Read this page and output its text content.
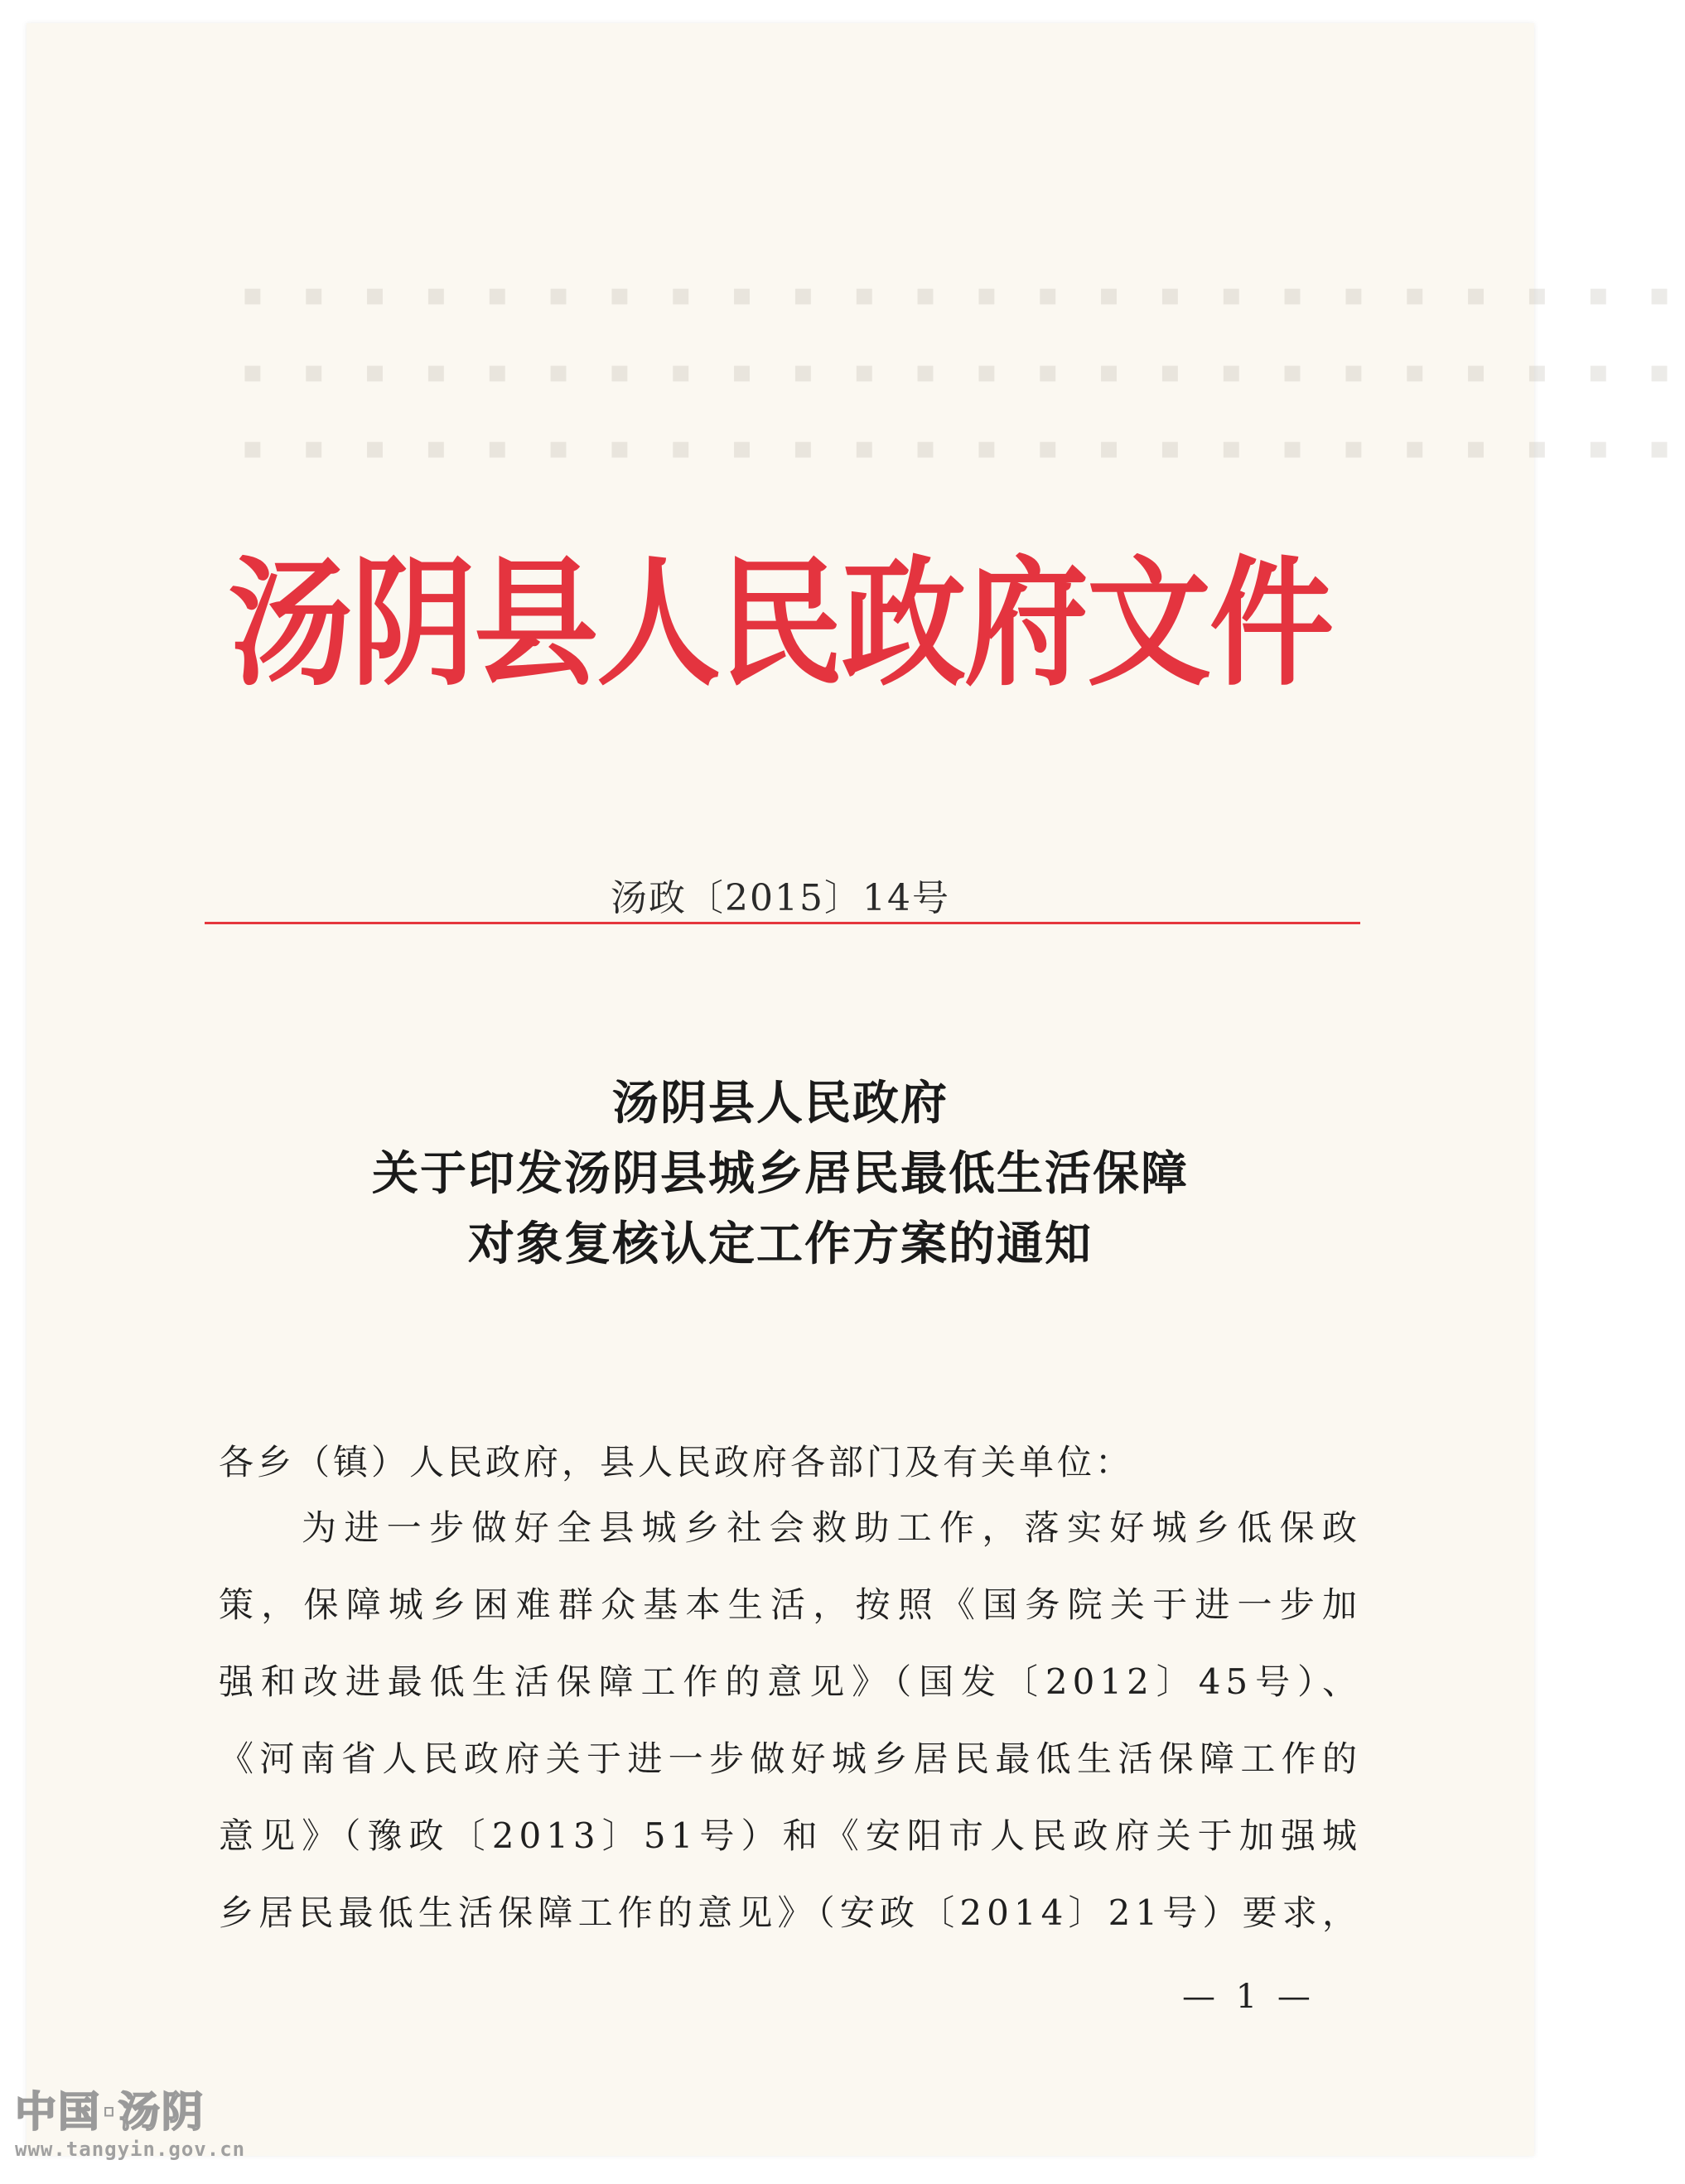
▪ ▪ ▪ ▪ ▪ ▪ ▪ ▪ ▪ ▪ ▪ ▪ ▪ ▪ ▪ ▪ ▪ ▪ ▪ ▪ ▪ ▪ ▪ ▪
▪ ▪ ▪ ▪ ▪ ▪ ▪ ▪ ▪ ▪ ▪ ▪ ▪ ▪ ▪ ▪ ▪ ▪ ▪ ▪ ▪ ▪ ▪ ▪
▪ ▪ ▪ ▪ ▪ ▪ ▪ ▪ ▪ ▪ ▪ ▪ ▪ ▪ ▪ ▪ ▪ ▪ ▪ ▪ ▪ ▪ ▪ ▪
汤阴县人民政府文件
汤政〔2015〕14号
汤阴县人民政府
关于印发汤阴县城乡居民最低生活保障
对象复核认定工作方案的通知
各乡（镇）人民政府，县人民政府各部门及有关单位：
为进一步做好全县城乡社会救助工作，落实好城乡低保政
策，保障城乡困难群众基本生活，按照《国务院关于进一步加
强和改进最低生活保障工作的意见》（国发〔2012〕45号）、
《河南省人民政府关于进一步做好城乡居民最低生活保障工作的
意见》（豫政〔2013〕51号）和《安阳市人民政府关于加强城
乡居民最低生活保障工作的意见》（安政〔2014〕21号）要求，
— 1 —
中国·汤阴
www.tangyin.gov.cn
